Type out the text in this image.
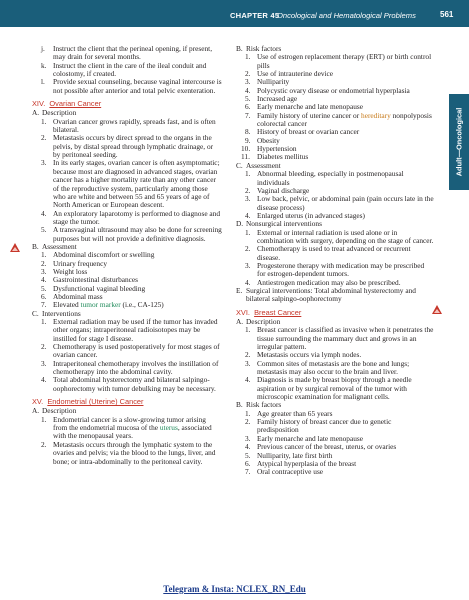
CHAPTER 45
Oncological and Hematological Problems	561
Adult—Oncological
j. Instruct the client that the perineal opening, if present, may drain for several months.
k. Instruct the client in the care of the ileal conduit and colostomy, if created.
l. Provide sexual counseling, because vaginal intercourse is not possible after anterior and total pelvic exenteration.
XIV. Ovarian Cancer
A. Description
1. Ovarian cancer grows rapidly, spreads fast, and is often bilateral.
2. Metastasis occurs by direct spread to the organs in the pelvis, by distal spread through lymphatic drainage, or by peritoneal seeding.
3. In its early stages, ovarian cancer is often asymptomatic; because most are diagnosed in advanced stages, ovarian cancer has a higher mortality rate than any other cancer of the reproductive system, particularly among those who are white and between 55 and 65 years of age of North American or European descent.
4. An exploratory laparotomy is performed to diagnose and stage the tumor.
5. A transvaginal ultrasound may also be done for screening purposes but will not provide a definitive diagnosis.
B. Assessment
1. Abdominal discomfort or swelling
2. Urinary frequency
3. Weight loss
4. Gastrointestinal disturbances
5. Dysfunctional vaginal bleeding
6. Abdominal mass
7. Elevated tumor marker (i.e., CA-125)
C. Interventions
1. External radiation may be used if the tumor has invaded other organs; intraperitoneal radioisotopes may be instilled for stage I disease.
2. Chemotherapy is used postoperatively for most stages of ovarian cancer.
3. Intraperitoneal chemotherapy involves the instillation of chemotherapy into the abdominal cavity.
4. Total abdominal hysterectomy and bilateral salpingo-oophorectomy with tumor debulking may be necessary.
XV. Endometrial (Uterine) Cancer
A. Description
1. Endometrial cancer is a slow-growing tumor arising from the endometrial mucosa of the uterus, associated with the menopausal years.
2. Metastasis occurs through the lymphatic system to the ovaries and pelvis; via the blood to the lungs, liver, and bone; or intra-abdominally to the peritoneal cavity.
B. Risk factors
1. Use of estrogen replacement therapy (ERT) or birth control pills
2. Use of intrauterine device
3. Nulliparity
4. Polycystic ovary disease or endometrial hyperplasia
5. Increased age
6. Early menarche and late menopause
7. Family history of uterine cancer or hereditary nonpolyposis colorectal cancer
8. History of breast or ovarian cancer
9. Obesity
10. Hypertension
11. Diabetes mellitus
C. Assessment
1. Abnormal bleeding, especially in postmenopausal individuals
2. Vaginal discharge
3. Low back, pelvic, or abdominal pain (pain occurs late in the disease process)
4. Enlarged uterus (in advanced stages)
D. Nonsurgical interventions
1. External or internal radiation is used alone or in combination with surgery, depending on the stage of cancer.
2. Chemotherapy is used to treat advanced or recurrent disease.
3. Progesterone therapy with medication may be prescribed for estrogen-dependent tumors.
4. Antiestrogen medication may also be prescribed.
E. Surgical interventions: Total abdominal hysterectomy and bilateral salpingo-oophorectomy
XVI. Breast Cancer
A. Description
1. Breast cancer is classified as invasive when it penetrates the tissue surrounding the mammary duct and grows in an irregular pattern.
2. Metastasis occurs via lymph nodes.
3. Common sites of metastasis are the bone and lungs; metastasis may also occur to the brain and liver.
4. Diagnosis is made by breast biopsy through a needle aspiration or by surgical removal of the tumor with microscopic examination for malignant cells.
B. Risk factors
1. Age greater than 65 years
2. Family history of breast cancer due to genetic predisposition
3. Early menarche and late menopause
4. Previous cancer of the breast, uterus, or ovaries
5. Nulliparity, late first birth
6. Atypical hyperplasia of the breast
7. Oral contraceptive use
Telegram & Insta: NCLEX_RN_Edu
